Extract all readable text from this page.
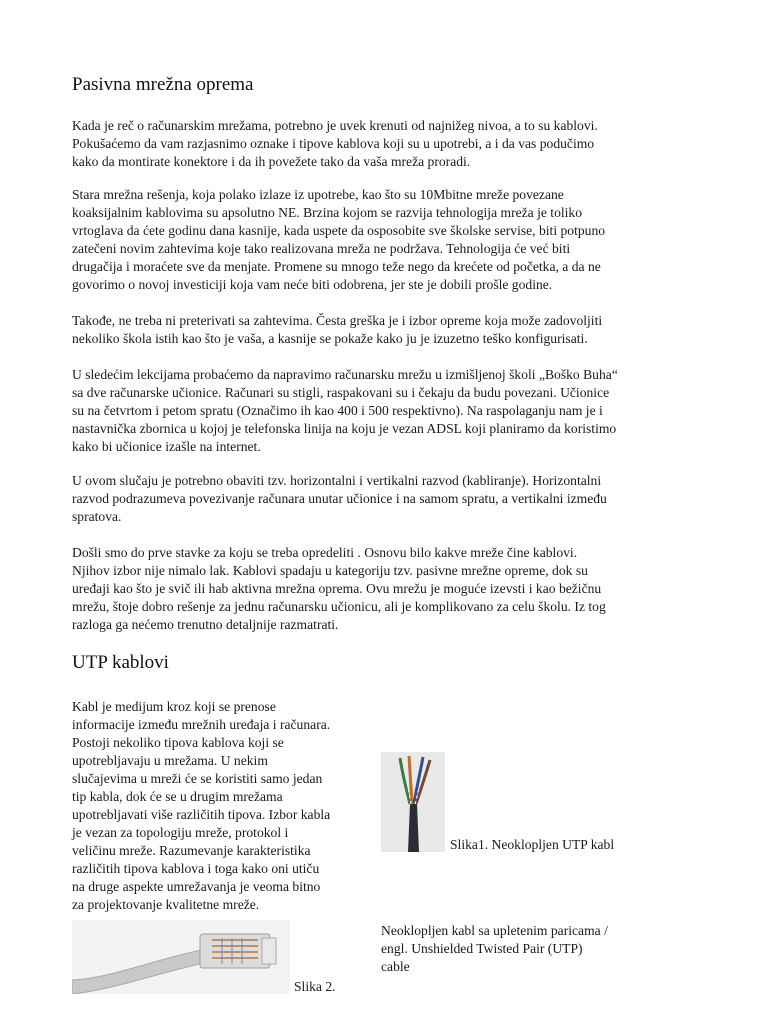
Pasivna mrežna oprema

Kada je reč o računarskim mrežama, potrebno je uvek krenuti od najnižeg nivoa, a to su kablovi.
Pokušaćemo da vam razjasnimo oznake i tipove kablova koji su u upotrebi, a i da vas podučimo
kako da montirate konektore i da ih povežete tako da vaša mreža proradi.

Stara mrežna rešenja, koja polako izlaze iz upotrebe, kao što su 10Mbitne mreže povezane
koaksijalnim kablovima su apsolutno NE. Brzina kojom se razvija tehnologija mreža je toliko
vrtoglava da ćete godinu dana kasnije, kada uspete da osposobite sve školske servise, biti potpuno
zatečeni novim zahtevima koje tako realizovana mreža ne podržava. Tehnologija će već biti
drugačija i moraćete sve da menjate. Promene su mnogo teže nego da krećete od početka, a da ne
govorimo o novoj investiciji koja vam neće biti odobrena, jer ste je dobili prošle godine.

Takođe, ne treba ni preterivati sa zahtevima. Česta greška je i izbor opreme koja može zadovoljiti
nekoliko škola istih kao što je vaša, a kasnije se pokaže kako ju je izuzetno teško konfigurisati.

U sledećim lekcijama probaćemo da napravimo računarsku mrežu u izmišljenoj školi „Boško Buha“
sa dve računarske učionice. Računari su stigli, raspakovani su i čekaju da budu povezani. Učionice
su na četvrtom i petom spratu (Označimo ih kao 400 i 500 respektivno). Na raspolaganju nam je i
nastavnička zbornica u kojoj je telefonska linija na koju je vezan ADSL koji planiramo da koristimo
kako bi učionice izašle na internet.

U ovom slučaju je potrebno obaviti tzv. horizontalni i vertikalni razvod (kabliranje). Horizontalni
razvod podrazumeva povezivanje računara unutar učionice i na samom spratu, a vertikalni između
spratova.

Došli smo do prve stavke za koju se treba opredeliti . Osnovu bilo kakve mreže čine kablovi.
Njihov izbor nije nimalo lak. Kablovi spadaju u kategoriju tzv. pasivne mrežne opreme, dok su
uređaji kao što je svič ili hab aktivna mrežna oprema. Ovu mrežu je moguće izevsti i kao bežičnu
mrežu, štoje dobro rešenje za jednu računarsku učionicu, ali je komplikovano za celu školu. Iz tog
razloga ga nećemo trenutno detaljnije razmatrati.

UTP kablovi

Kabl je medijum kroz koji se prenose
informacije između mrežnih uređaja i računara.
Postoji nekoliko tipova kablova koji se
upotrebljavaju u mrežama. U nekim
slučajevima u mreži će se koristiti samo jedan
tip kabla, dok će se u drugim mrežama
upotrebljavati više različitih tipova. Izbor kabla
je vezan za topologiju mreže, protokol i
veličinu mreže. Razumevanje karakteristika
različitih tipova kablova i toga kako oni utiču
na druge aspekte umrežavanja je veoma bitno
za projektovanje kvalitetne mreže.

Slika1. Neoklopljen UTP kabl

Neoklopljen kabl sa upletenim paricama /
engl. Unshielded Twisted Pair (UTP)
cable

Slika 2.
